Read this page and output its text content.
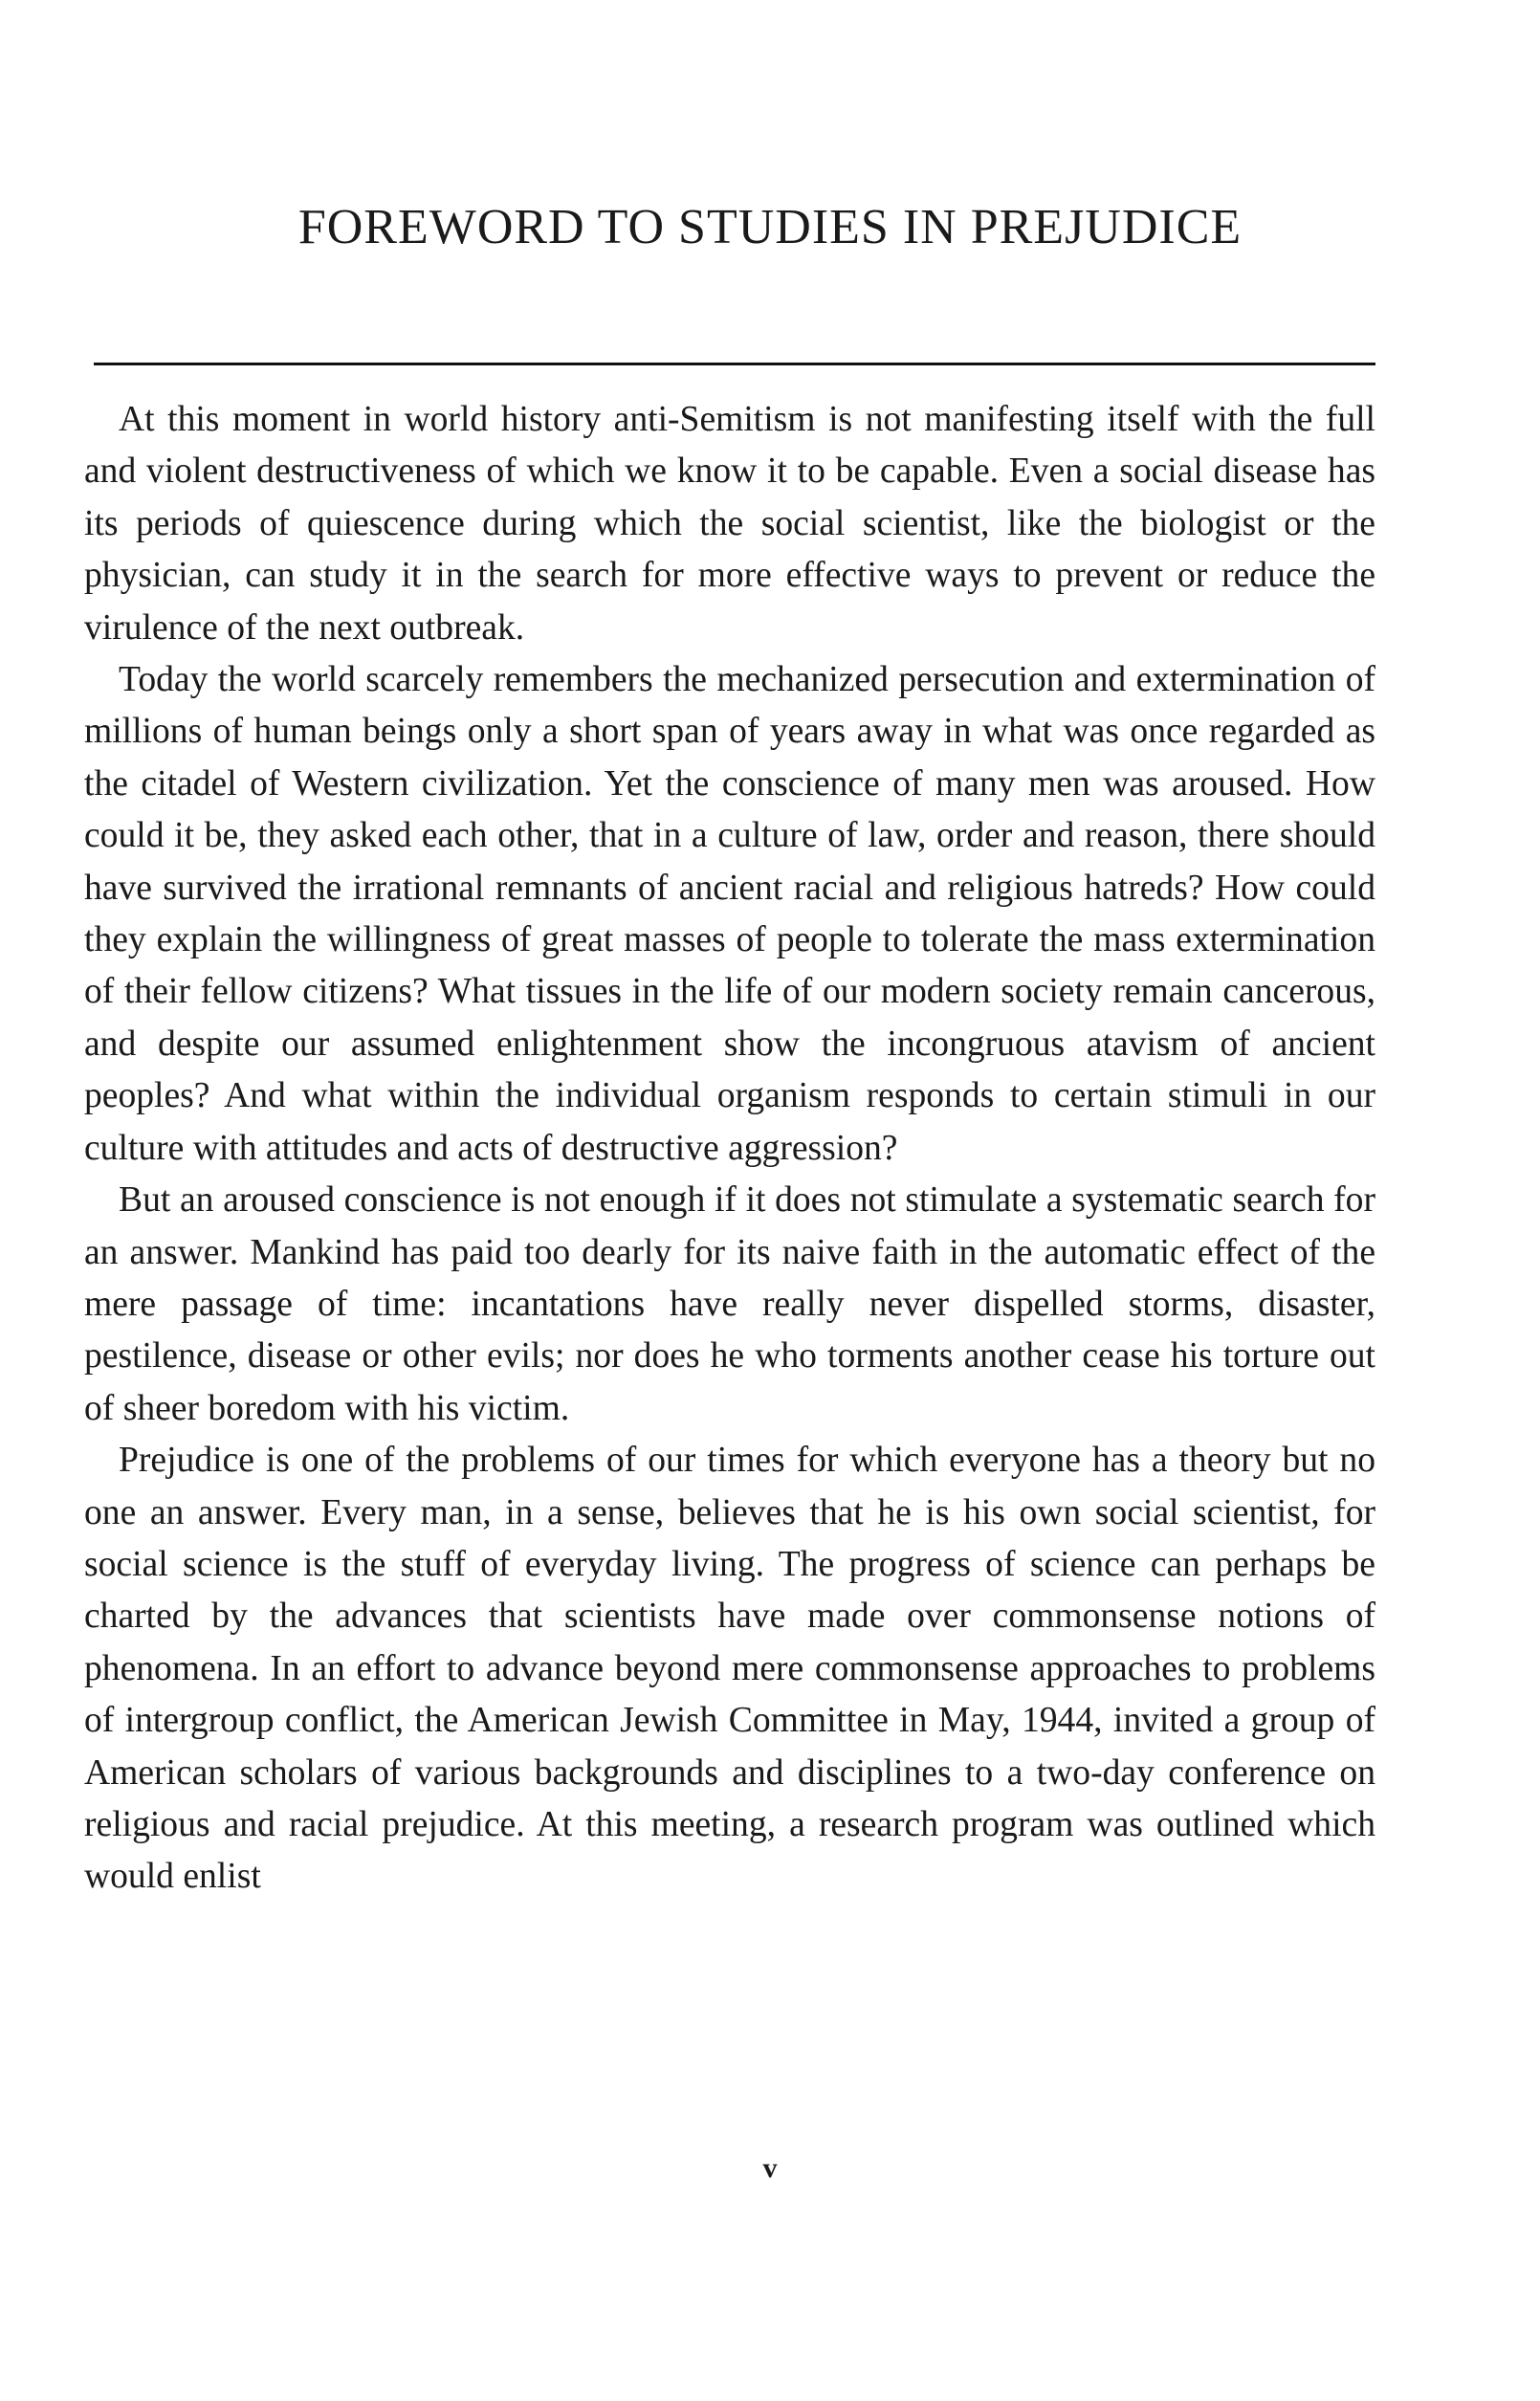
FOREWORD TO STUDIES IN PREJUDICE

At this moment in world history anti-Semitism is not manifesting itself with the full and violent destructiveness of which we know it to be capable. Even a social disease has its periods of quiescence during which the social scientist, like the biologist or the physician, can study it in the search for more effective ways to prevent or reduce the virulence of the next outbreak.

Today the world scarcely remembers the mechanized persecution and extermination of millions of human beings only a short span of years away in what was once regarded as the citadel of Western civilization. Yet the conscience of many men was aroused. How could it be, they asked each other, that in a culture of law, order and reason, there should have survived the irrational remnants of ancient racial and religious hatreds? How could they explain the willingness of great masses of people to tolerate the mass extermination of their fellow citizens? What tissues in the life of our modern society remain cancerous, and despite our assumed enlightenment show the incongruous atavism of ancient peoples? And what within the individual organism responds to certain stimuli in our culture with attitudes and acts of destructive aggression?

But an aroused conscience is not enough if it does not stimulate a systematic search for an answer. Mankind has paid too dearly for its naive faith in the automatic effect of the mere passage of time: incantations have really never dispelled storms, disaster, pestilence, disease or other evils; nor does he who torments another cease his torture out of sheer boredom with his victim.

Prejudice is one of the problems of our times for which everyone has a theory but no one an answer. Every man, in a sense, believes that he is his own social scientist, for social science is the stuff of everyday living. The progress of science can perhaps be charted by the advances that scientists have made over commonsense notions of phenomena. In an effort to advance beyond mere commonsense approaches to problems of intergroup conflict, the American Jewish Committee in May, 1944, invited a group of American scholars of various backgrounds and disciplines to a two-day conference on religious and racial prejudice. At this meeting, a research program was outlined which would enlist

v
